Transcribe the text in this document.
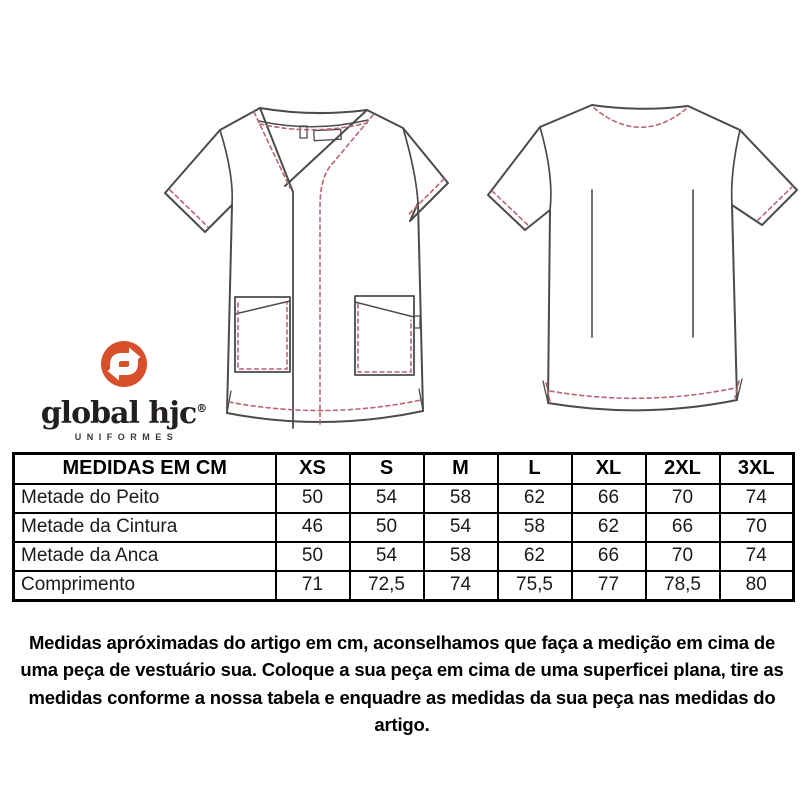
global hjc®
UNIFORMES
MEDIDAS EM CM	XS	S	M	L	XL	2XL	3XL
Metade do Peito	50	54	58	62	66	70	74
Metade da Cintura	46	50	54	58	62	66	70
Metade da Anca	50	54	58	62	66	70	74
Comprimento	71	72,5	74	75,5	77	78,5	80

Medidas apróximadas do artigo em cm, aconselhamos que faça a medição em cima de uma peça de vestuário sua. Coloque a sua peça em cima de uma superficei plana, tire as medidas conforme a nossa tabela e enquadre as medidas da sua peça nas medidas do artigo.
